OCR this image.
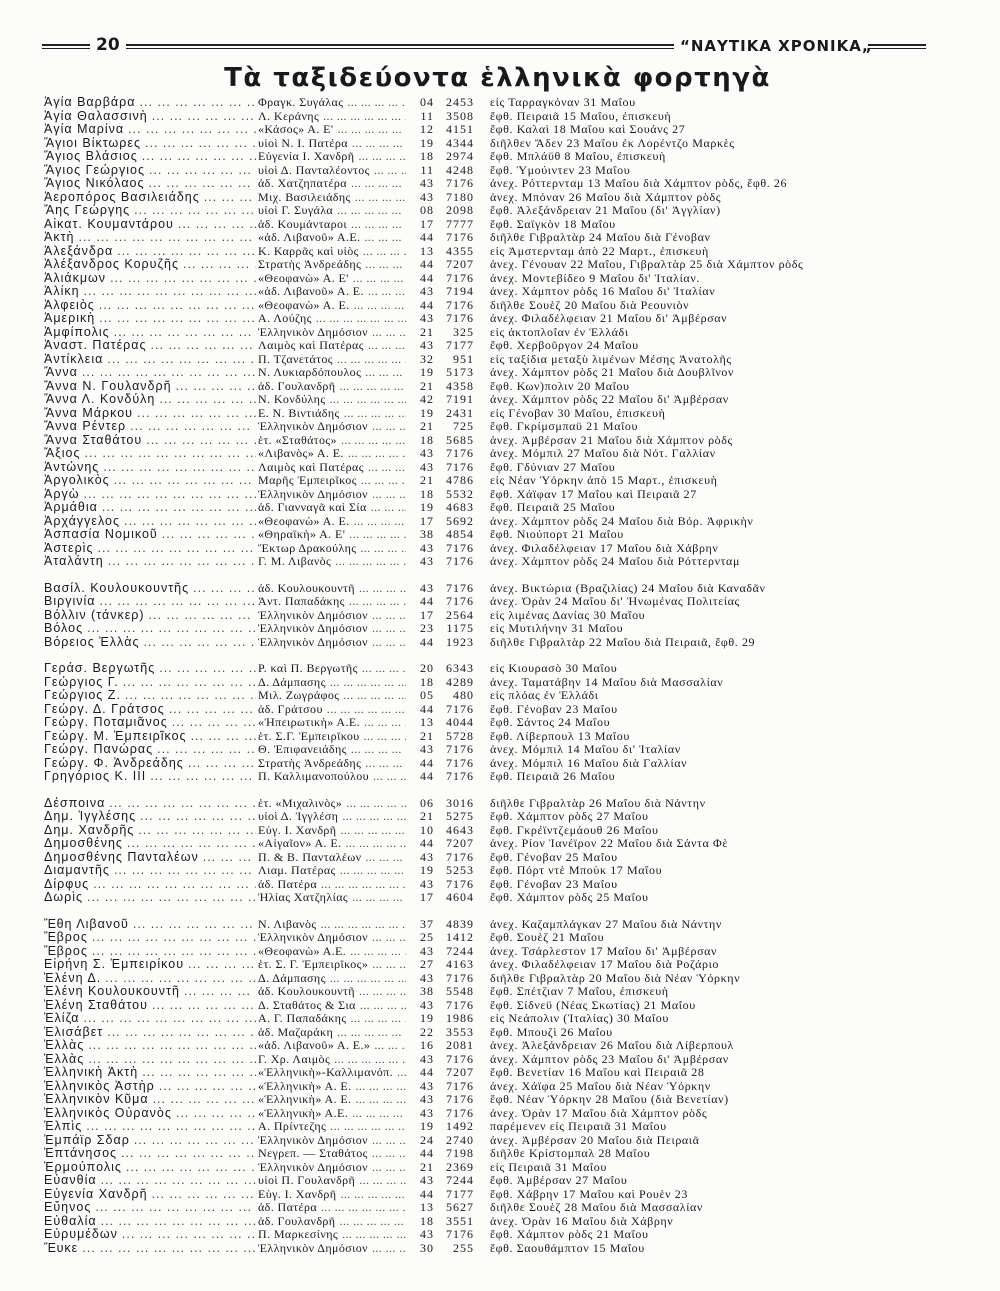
20	“ΝΑΥΤΙΚΑ ΧΡΟΝΙΚΑ„
Τὰ ταξιδεύοντα ἑλληνικὰ φορτηγὰ
Ἁγία Βαρβάρα ... .	Φραγκ. Συγάλας ... .	04 2453 εἰς Ταρραγκόναν 31 Μαΐου
Ἁγία Θαλασσινὴ ... .	Λ. Κεράνης ... .	11 3508 ἔφθ. Πειραιᾶ 15 Μαΐου, ἐπισκευὴ
Ἁγία Μαρίνα ... .	«Κάσος» Α. Ε' ... .	12 4151 ἔφθ. Καλαὶ 18 Μαΐου καὶ Σουάνς 27
Ἅγιοι Βίκτωρες ... .	υἱοὶ Ν. Ι. Πατέρα ... .	19 4344 διῆλθεν Ἄδεν 23 Μαΐου ἐκ Λορέντζο Μαρκὲς
Ἅγιος Βλάσιος ... .	Εὐγενία Ι. Χανδρῆ ... .	18 2974 ἔφθ. Μπλάϋθ 8 Μαΐου, ἐπισκευὴ
Ἅγιος Γεώργιος ... .	υἱοὶ Δ. Πανταλέοντος ... .	11 4248 ἔφθ. Ὑμούιντεν 23 Μαΐου
Ἅγιος Νικόλαος ... .	ἀδ. Χατζηπατέρα ... .	43 7176 ἀνεχ. Ρόττερνταμ 13 Μαΐου διὰ Χάμπτον ρὸδς, ἔφθ. 26
Ἀεροπόρος Βασιλειάδης ... .	Μιχ. Βασιλειάδης ... .	43 7180 ἀνεχ. Μπόναν 26 Μαΐου διὰ Χάμπτον ρὸδς
Ἄης Γεώργης ... .	υἱοὶ Γ. Συγάλα ... .	08 2098 ἔφθ. Ἀλεξάνδρειαν 21 Μαΐου (δι' Ἀγγλίαν)
Αἰκατ. Κουμαντάρου ... .	ἀδ. Κουμάνταροι ... .	17 7777 ἔφθ. Σαϊγκὸν 18 Μαΐου
Ἀκτὴ ... .	«ἀδ. Λιβανοῦ» Α.Ε. ... .	44 7176 διῆλθε Γιβραλτὰρ 24 Μαΐου διὰ Γένοβαν
Ἀλεξάνδρα ... .	Κ. Καρρᾶς καὶ υἱὸς ... .	13 4355 εἰς Ἀμστερνταμ ἀπὸ 22 Μαρτ., ἐπισκευὴ
Ἀλέξανδρος Κορυζῆς ... .	Στρατὴς Ἀνδρεάδης ... .	44 7207 ἀνεχ. Γένουαν 22 Μαΐου, Γιβραλτὰρ 25 διὰ Χάμπτον ρὸδς
Ἀλιάκμων ... .	«Θεοφανὼ» Α. Ε' ... .	44 7176 ἀνεχ. Μοντεβίδεο 9 Μαΐου δι' Ἰταλίαν.
Ἀλίκη ... .	«ἀδ. Λιβανοῦ» Α. Ε. ... .	43 7194 ἀνεχ. Χάμπτον ρὸδς 16 Μαΐου δι' Ἰταλίαν
Ἀλφειὸς ... .	«Θεοφανὼ» Α. Ε. ... .	44 7176 διῆλθε Σουὲζ 20 Μαΐου διὰ Ρεουνιὸν
Ἀμερικὴ ... .	Α. Λούζης ... .	43 7176 ἀνεχ. Φιλαδέλφειαν 21 Μαΐου δι' Ἀμβέρσαν
Ἀμφίπολις ... .	Ἑλληνικὸν Δημόσιον ... .	21 325 εἰς ἀκτοπλοΐαν ἐν Ἑλλάδι
Ἀναστ. Πατέρας ... .	Λαιμὸς καὶ Πατέρας ... .	43 7177 ἔφθ. Χερβοῦργον 24 Μαΐου
Ἀντίκλεια ... .	Π. Τζανετάτος ... .	32 951 εἰς ταξίδια μεταξὺ λιμένων Μέσης Ἀνατολῆς
Ἄννα ... .	Ν. Λυκιαρδόπουλος ... .	19 5173 ἀνεχ. Χάμπτον ρὸδς 21 Μαΐου διὰ Δουβλῖνον
Ἄννα Ν. Γουλανδρῆ ... .	ἀδ. Γουλανδρῆ ... .	21 4358 ἔφθ. Κων)πολιν 20 Μαΐου
Ἄννα Λ. Κονδύλη ... .	Ν. Κονδύλης ... .	42 7191 ἀνεχ. Χάμπτον ρὸδς 22 Μαΐου δι' Ἀμβέρσαν
Ἄννα Μάρκου ... .	Ε. Ν. Βιντιάδης ... .	19 2431 εἰς Γένοβαν 30 Μαΐου, ἐπισκευὴ
Ἄννα Ρέντερ ... .	Ἑλληνικὸν Δημόσιον ... .	21 725 ἔφθ. Γκρίμσμπαϋ 21 Μαΐου
Ἄννα Σταθάτου ... .	ἑτ. «Σταθάτος» ... .	18 5685 ἀνεχ. Ἀμβέρσαν 21 Μαΐου διὰ Χάμπτον ρὸδς
Ἄξιος ... .	«Λιβανὸς» Α. Ε. ... .	43 7176 ἀνεχ. Μόμπιλ 27 Μαΐου διὰ Νότ. Γαλλίαν
Ἀντώνης ... .	Λαιμὸς καὶ Πατέρας ... .	43 7176 ἔφθ. Γδύνιαν 27 Μαΐου
Ἀργολικὸς ... .	Μαρῆς Ἐμπειρῖκος ... .	21 4786 εἰς Νέαν Ὑόρκην ἀπὸ 15 Μαρτ., ἐπισκευὴ
Ἀργὼ ... .	Ἑλληνικὸν Δημόσιον ... .	18 5532 ἔφθ. Χάϊφαν 17 Μαΐου καὶ Πειραιᾶ 27
Ἀρμάθια ... .	ἀδ. Γιανναγᾶ καὶ Σία ... .	19 4683 ἔφθ. Πειραιᾶ 25 Μαΐου
Ἀρχάγγελος ... .	«Θεοφανὼ» Α. Ε. ... .	17 5692 ἀνεχ. Χάμπτον ρὸδς 24 Μαΐου διὰ Βόρ. Ἀφρικὴν
Ἀσπασία Νομικοῦ ... .	«Θηραϊκὴ» Α. Ε' ... .	38 4854 ἔφθ. Νιούπορτ 21 Μαΐου
Ἀστερὶς ... .	Ἕκτωρ Δρακούλης ... .	43 7176 ἀνεχ. Φιλαδέλφειαν 17 Μαΐου διὰ Χάβρην
Ἀταλάντη ... .	Γ. Μ. Λιβανὸς ... .	43 7176 ἀνεχ. Χάμπτον ρὸδς 24 Μαΐου διὰ Ρόττερνταμ
Βασίλ. Κουλουκουντῆς ... .	ἀδ. Κουλουκουντῆ ... .	43 7176 ἀνεχ. Βικτώρια (Βραζιλίας) 24 Μαΐου διὰ Καναδᾶν
Βιργινία ... .	Ἀντ. Παπαδάκης ... .	44 7176 ἀνεχ. Ὀρὰν 24 Μαΐου δι' Ἡνωμένας Πολιτείας
Βόλλιν (τάνκερ) ... .	Ἑλληνικὸν Δημόσιον ... .	17 2564 εἰς λιμένας Δανίας 30 Μαΐου
Βόλος ... .	Ἑλληνικὸν Δημόσιον ... .	23 1175 εἰς Μυτιλήνην 31 Μαΐου
Βόρειος Ἑλλὰς ... .	Ἑλληνικὸν Δημόσιον ... .	44 1923 διῆλθε Γιβραλτὰρ 22 Μαΐου διὰ Πειραιᾶ, ἔφθ. 29
Γεράσ. Βεργωτῆς ... .	Ρ. καὶ Π. Βεργωτῆς ... .	20 6343 εἰς Κιουρασὸ 30 Μαΐου
Γεώργιος Γ. ... .	Δ. Δάμπασης ... .	18 4289 ἀνεχ. Ταματάβην 14 Μαΐου διὰ Μασσαλίαν
Γεώργιος Ζ. ... .	Μιλ. Ζωγράφος ... .	05 480 εἰς πλόας ἐν Ἑλλάδι
Γεώργ. Δ. Γράτσος ... .	ἀδ. Γράτσου ... .	44 7176 ἔφθ. Γένοβαν 23 Μαΐου
Γεώργ. Ποταμιᾶνος ... .	«Ἠπειρωτικὴ» Α.Ε. ... .	13 4044 ἔφθ. Σάντος 24 Μαΐου
Γεώργ. Μ. Ἐμπειρῖκος ... .	ἑτ. Σ.Γ. Ἐμπειρῖκου ... .	21 5728 ἔφθ. Λίβερπουλ 13 Μαΐου
Γεώργ. Πανώρας ... .	Θ. Ἐπιφανειάδης ... .	43 7176 ἀνεχ. Μόμπιλ 14 Μαΐου δι' Ἰταλίαν
Γεώργ. Φ. Ἀνδρεάδης ... .	Στρατὴς Ἀνδρεάδης ... .	44 7176 ἀνεχ. Μόμπιλ 16 Μαΐου διὰ Γαλλίαν
Γρηγόριος Κ. ΙΙΙ ... .	Π. Καλλιμανοπούλου ... .	44 7176 ἔφθ. Πειραιᾶ 26 Μαΐου
Δέσποινα ... .	ἑτ. «Μιχαλινὸς» ... .	06 3016 διῆλθε Γιβραλτὰρ 26 Μαΐου διὰ Νάντην
Δημ. Ἰγγλέσης ... .	υἱοὶ Δ. Ἰγγλέση ... .	21 5275 ἔφθ. Χάμπτον ρὸδς 27 Μαΐου
Δημ. Χανδρῆς ... .	Εὐγ. Ι. Χανδρῆ ... .	10 4643 ἔφθ. Γκρέϊντζεμάουθ 26 Μαΐου
Δημοσθένης ... .	«Αἰγαῖον» Α. Ε. ... .	44 7207 ἀνεχ. Ρίον Ἰανέϊρον 22 Μαΐου διὰ Σάντα Φὲ
Δημοσθένης Πανταλέων ... .	Π. & Β. Πανταλέων ... .	43 7176 ἔφθ. Γένοβαν 25 Μαΐου
Διαμαντῆς ... .	Λιαμ. Πατέρας ... .	19 5253 ἔφθ. Πόρτ ντὲ Μποὺκ 17 Μαΐου
Δίρφυς ... .	ἀδ. Πατέρα ... .	43 7176 ἔφθ. Γένοβαν 23 Μαΐου
Δωρὶς ... .	Ἠλίας Χατζηλίας ... .	17 4604 ἔφθ. Χάμπτον ρὸδς 25 Μαΐου
Ἔθη Λιβανοῦ ... .	Ν. Λιβανὸς ... .	37 4839 ἀνεχ. Καζαμπλάγκαν 27 Μαΐου διὰ Νάντην
Ἔβρος ... .	Ἑλληνικὸν Δημόσιον ... .	25 1412 ἔφθ. Σουὲζ 21 Μαΐου
Ἔβρος ... .	«Θεοφανὼ» Α.Ε. ... .	43 7244 ἀνεχ. Τσάρλεστον 17 Μαΐου δι' Ἀμβέρσαν
Εἰρήνη Σ. Ἐμπειρίκου ... .	ἑτ. Σ. Γ. Ἐμπειρῖκος» ... .	27 4163 ἀνεχ. Φιλαδέλφειαν 17 Μαΐου διὰ Ροζάριο
Ἑλένη Δ. ... .	Δ. Δάμπασης ... .	43 7176 διῆλθε Γιβραλτὰρ 20 Μαΐου διὰ Νέαν Ὑόρκην
Ἑλένη Κουλουκουντῆ ... .	ἀδ. Κουλουκουντῆ ... .	38 5548 ἔφθ. Σπέτζιαν 7 Μαΐου, ἐπισκευὴ
Ἑλένη Σταθάτου ... .	Δ. Σταθάτος & Σια ... .	43 7176 ἔφθ. Σίδνεϋ (Νέας Σκωτίας) 21 Μαΐου
Ἐλίζα ... .	Α. Γ. Παπαδάκης ... .	19 1986 εἰς Νεάπολιν (Ἰταλίας) 30 Μαΐου
Ἐλισάβετ ... .	ἀδ. Μαζαράκη ... .	22 3553 ἔφθ. Μπουζὶ 26 Μαΐου
Ἑλλὰς ... .	«ἀδ. Λιβανοῦ» Α. Ε.» ... .	16 2081 ἀνεχ. Ἀλεξάνδρειαν 26 Μαΐου διὰ Λίβερπουλ
Ἑλλὰς ... .	Γ. Χρ. Λαιμὸς ... .	43 7176 ἀνεχ. Χάμπτον ρὸδς 23 Μαΐου δι' Ἀμβέρσαν
Ἑλληνικὴ Ἀκτὴ ... .	«Ἑλληνικὴ»-Καλλιμανόπ. ... . 44 7207 ἔφθ. Βενετίαν 16 Μαΐου καὶ Πειραιᾶ 28
Ἑλληνικὸς Ἀστὴρ ... .	«Ἑλληνικὴ» Α. Ε. ... .	43 7176 ἀνεχ. Χάϊφα 25 Μαΐου διὰ Νέαν Ὑόρκην
Ἑλληνικὸν Κῦμα ... .	«Ἑλληνικὴ» Α. Ε. ... .	43 7176 ἔφθ. Νέαν Ὑόρκην 28 Μαΐου (διὰ Βενετίαν)
Ἑλληνικὸς Οὐρανὸς ... .	«Ἑλληνικὴ» Α.Ε. ... .	43 7176 ἀνεχ. Ὀρὰν 17 Μαΐου διὰ Χάμπτον ρὸδς
Ἐλπὶς ... .	Α. Πρίντεζης ... .	19 1492 παρέμενεν εἰς Πειραιᾶ 31 Μαΐου
Ἐμπάϊρ Σδαρ ... .	Ἑλληνικὸν Δημόσιον ... .	24 2740 ἀνεχ. Ἀμβέρσαν 20 Μαΐου διὰ Πειραιᾶ
Ἐπτάνησος ... .	Νεγρεπ. — Σταθάτος ... .	44 7198 διῆλθε Κρίστομπαλ 28 Μαΐου
Ἑρμούπολις ... .	Ἑλληνικὸν Δημόσιον ... .	21 2369 εἰς Πειραιᾶ 31 Μαΐου
Εὐανθία ... .	υἱοὶ Π. Γουλανδρῆ ... .	43 7244 ἔφθ. Ἀμβέρσαν 27 Μαΐου
Εὐγενία Χανδρῆ ... .	Εὐγ. Ι. Χανδρῆ ... .	44 7177 ἔφθ. Χάβρην 17 Μαΐου καὶ Ρουὲν 23
Εὔηνος ... .	ἀδ. Πατέρα ... .	13 5627 διῆλθε Σουὲζ 28 Μαΐου διὰ Μασσαλίαν
Εὐθαλία ... .	ἀδ. Γουλανδρῆ ... .	18 3551 ἀνεχ. Ὀρὰν 16 Μαΐου διὰ Χάβρην
Εὐρυμέδων ... .	Π. Μαρκεσίνης ... .	43 7176 ἔφθ. Χάμπτον ρὸδς 21 Μαΐου
Ἔυκε ... .	Ἑλληνικὸν Δημόσιον ... .	30 255 ἔφθ. Σαουθάμπτον 15 Μαΐου
